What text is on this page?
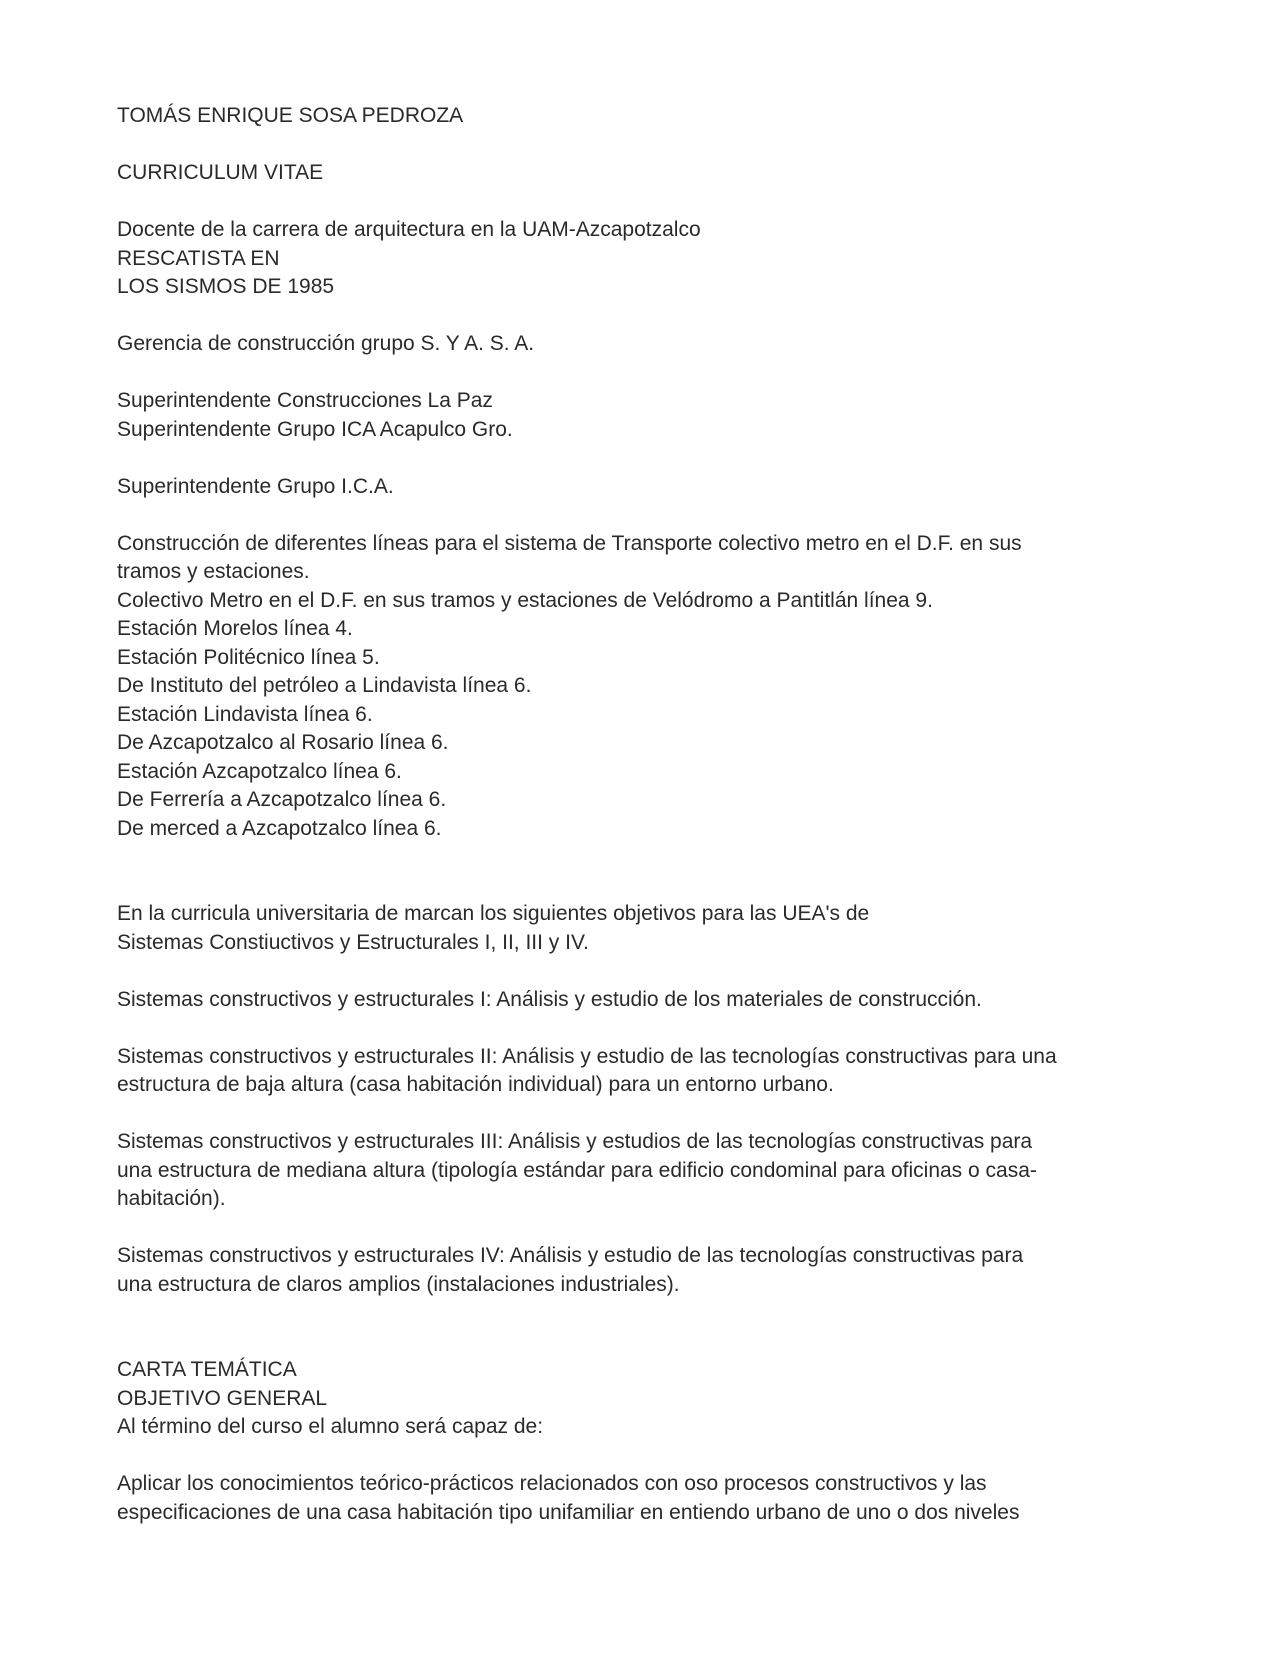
TOMÁS ENRIQUE SOSA PEDROZA
CURRICULUM VITAE
Docente de la carrera de arquitectura en la UAM-Azcapotzalco
RESCATISTA EN
LOS SISMOS DE 1985
Gerencia de construcción grupo S. Y A. S. A.
Superintendente Construcciones La Paz
Superintendente Grupo ICA Acapulco Gro.
Superintendente Grupo I.C.A.
Construcción de diferentes líneas para el sistema de Transporte colectivo metro en el D.F. en sus
tramos y estaciones.
Colectivo Metro en el D.F. en sus tramos y estaciones de Velódromo a Pantitlán línea 9.
Estación Morelos línea 4.
Estación Politécnico línea 5.
De Instituto del petróleo a Lindavista línea 6.
Estación Lindavista línea 6.
De Azcapotzalco al Rosario línea 6.
Estación Azcapotzalco línea 6.
De Ferrería a Azcapotzalco línea 6.
De merced a Azcapotzalco línea 6.
En la curricula universitaria de marcan los siguientes objetivos para las UEA's de
Sistemas Constiuctivos y Estructurales I, II, III y IV.
Sistemas constructivos y estructurales I: Análisis y estudio de los materiales de construcción.
Sistemas constructivos y estructurales II: Análisis y estudio de las tecnologías constructivas para una
estructura de baja altura (casa habitación individual) para un entorno urbano.
Sistemas constructivos y estructurales III: Análisis y estudios de las tecnologías constructivas para
una estructura de mediana altura (tipología estándar para edificio condominal para oficinas o casa-
habitación).
Sistemas constructivos y estructurales IV: Análisis y estudio de las tecnologías constructivas para
una estructura de claros amplios (instalaciones industriales).
CARTA TEMÁTICA
OBJETIVO GENERAL
Al término del curso el alumno será capaz de:
Aplicar los conocimientos teórico-prácticos relacionados con oso procesos constructivos y las
especificaciones de una casa habitación tipo unifamiliar en entiendo urbano de uno o dos niveles
